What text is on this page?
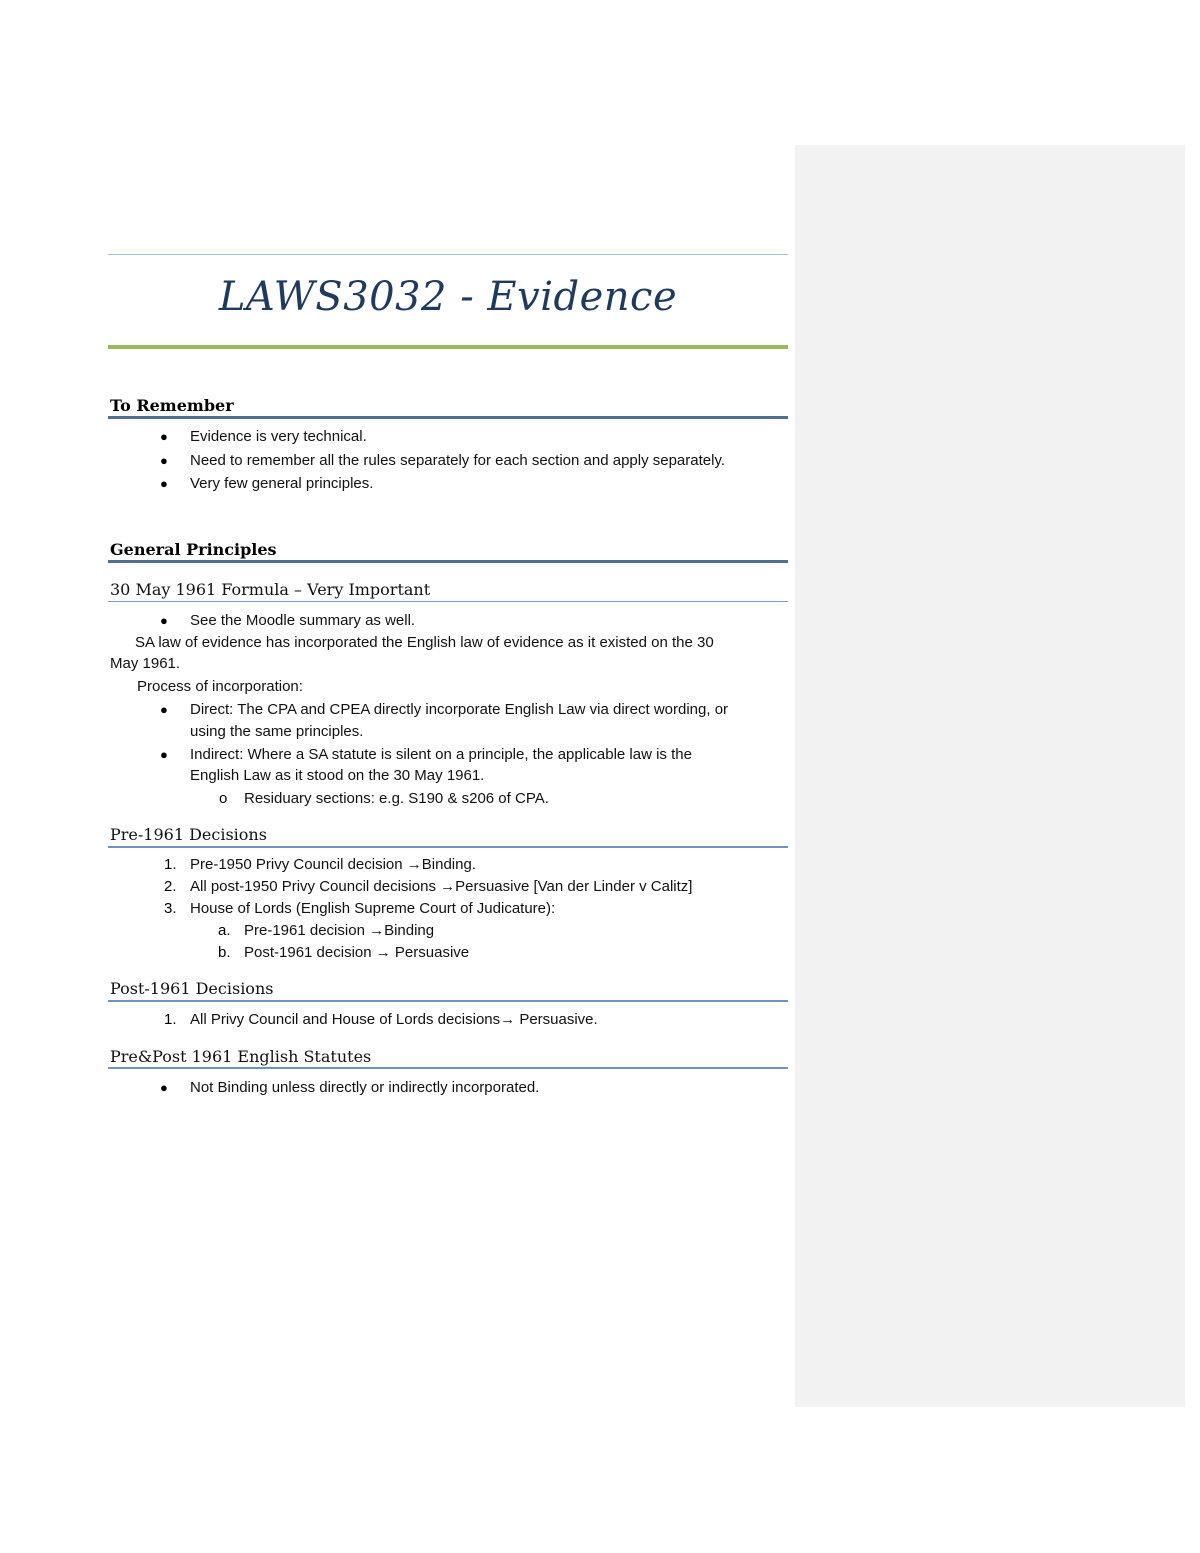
LAWS3032 - Evidence
To Remember
● Evidence is very technical.
● Need to remember all the rules separately for each section and apply separately.
● Very few general principles.
General Principles
30 May 1961 Formula – Very Important
● See the Moodle summary as well.
SA law of evidence has incorporated the English law of evidence as it existed on the 30
May 1961.
Process of incorporation:
● Direct: The CPA and CPEA directly incorporate English Law via direct wording, or
using the same principles.
● Indirect: Where a SA statute is silent on a principle, the applicable law is the
English Law as it stood on the 30 May 1961.
o Residuary sections: e.g. S190 & s206 of CPA.
Pre-1961 Decisions
1. Pre-1950 Privy Council decision →Binding.
2. All post-1950 Privy Council decisions →Persuasive [Van der Linder v Calitz]
3. House of Lords (English Supreme Court of Judicature):
a. Pre-1961 decision →Binding
b. Post-1961 decision → Persuasive
Post-1961 Decisions
1. All Privy Council and House of Lords decisions→ Persuasive.
Pre&Post 1961 English Statutes
● Not Binding unless directly or indirectly incorporated.
